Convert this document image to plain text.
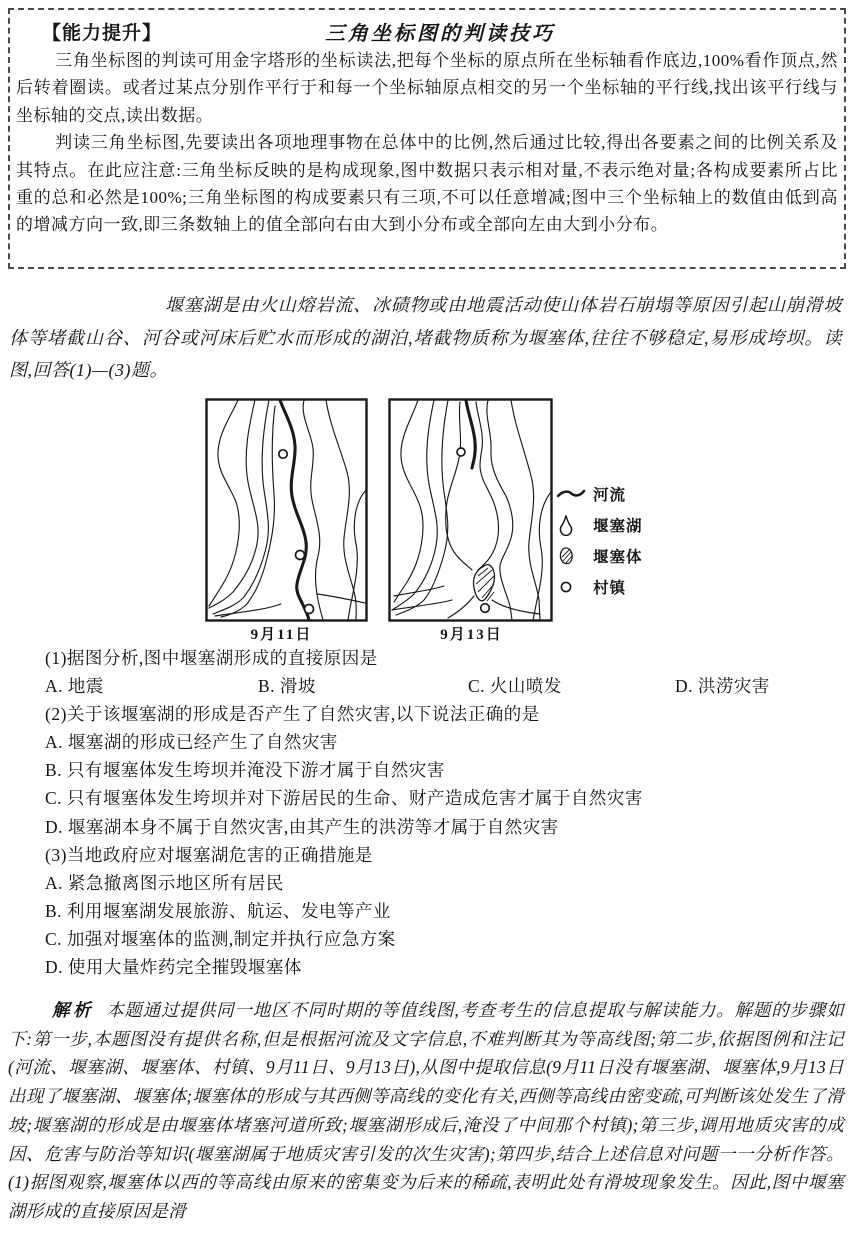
【能力提升】	三角坐标图的判读技巧

三角坐标图的判读可用金字塔形的坐标读法,把每个坐标的原点所在坐标轴看作底边,100%看作顶点,然后转着圈读。或者过某点分别作平行于和每一个坐标轴原点相交的另一个坐标轴的平行线,找出该平行线与坐标轴的交点,读出数据。

判读三角坐标图,先要读出各项地理事物在总体中的比例,然后通过比较,得出各要素之间的比例关系及其特点。在此应注意:三角坐标反映的是构成现象,图中数据只表示相对量,不表示绝对量;各构成要素所占比重的总和必然是100%;三角坐标图的构成要素只有三项,不可以任意增减;图中三个坐标轴上的数值由低到高的增减方向一致,即三条数轴上的值全部向右由大到小分布或全部向左由大到小分布。

堰塞湖是由火山熔岩流、冰碛物或由地震活动使山体岩石崩塌等原因引起山崩滑坡体等堵截山谷、河谷或河床后贮水而形成的湖泊,堵截物质称为堰塞体,往往不够稳定,易形成垮坝。读图,回答(1)—(3)题。

9月11日	9月13日
河流
堰塞湖
堰塞体
村镇
(1)据图分析,图中堰塞湖形成的直接原因是
A. 地震	B. 滑坡	C. 火山喷发	D. 洪涝灾害
(2)关于该堰塞湖的形成是否产生了自然灾害,以下说法正确的是
A. 堰塞湖的形成已经产生了自然灾害
B. 只有堰塞体发生垮坝并淹没下游才属于自然灾害
C. 只有堰塞体发生垮坝并对下游居民的生命、财产造成危害才属于自然灾害
D. 堰塞湖本身不属于自然灾害,由其产生的洪涝等才属于自然灾害
(3)当地政府应对堰塞湖危害的正确措施是
A. 紧急撤离图示地区所有居民
B. 利用堰塞湖发展旅游、航运、发电等产业
C. 加强对堰塞体的监测,制定并执行应急方案
D. 使用大量炸药完全摧毁堰塞体

解析 本题通过提供同一地区不同时期的等值线图,考查考生的信息提取与解读能力。解题的步骤如下:第一步,本题图没有提供名称,但是根据河流及文字信息,不难判断其为等高线图;第二步,依据图例和注记(河流、堰塞湖、堰塞体、村镇、9月11日、9月13日),从图中提取信息(9月11日没有堰塞湖、堰塞体,9月13日出现了堰塞湖、堰塞体;堰塞体的形成与其西侧等高线的变化有关,西侧等高线由密变疏,可判断该处发生了滑坡;堰塞湖的形成是由堰塞体堵塞河道所致;堰塞湖形成后,淹没了中间那个村镇);第三步,调用地质灾害的成因、危害与防治等知识(堰塞湖属于地质灾害引发的次生灾害);第四步,结合上述信息对问题一一分析作答。(1)据图观察,堰塞体以西的等高线由原来的密集变为后来的稀疏,表明此处有滑坡现象发生。因此,图中堰塞湖形成的直接原因是滑
